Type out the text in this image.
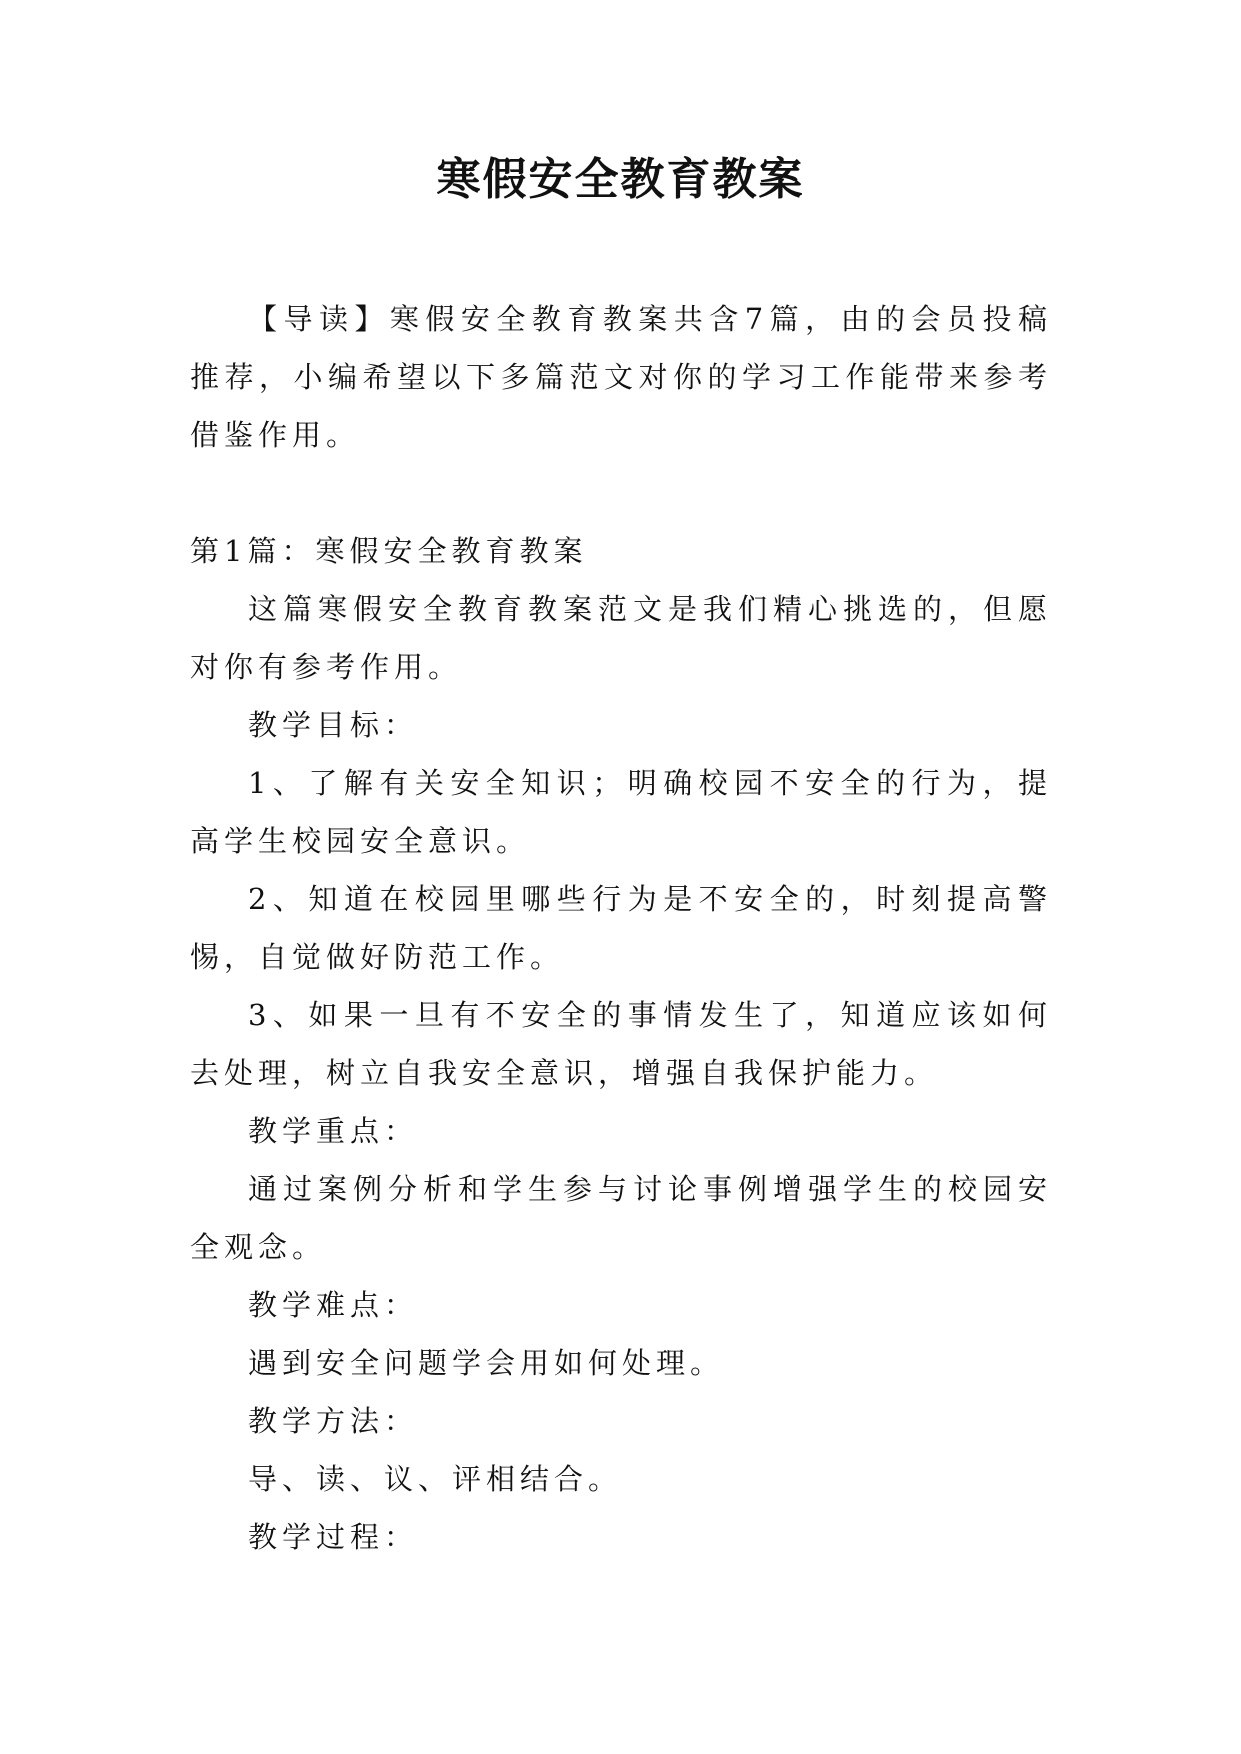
寒假安全教育教案

【导读】寒假安全教育教案共含7篇，由的会员投稿推荐，小编希望以下多篇范文对你的学习工作能带来参考借鉴作用。

第1篇：寒假安全教育教案

这篇寒假安全教育教案范文是我们精心挑选的，但愿对你有参考作用。

教学目标：

1、了解有关安全知识；明确校园不安全的行为，提高学生校园安全意识。

2、知道在校园里哪些行为是不安全的，时刻提高警惕，自觉做好防范工作。

3、如果一旦有不安全的事情发生了，知道应该如何去处理，树立自我安全意识，增强自我保护能力。

教学重点：

通过案例分析和学生参与讨论事例增强学生的校园安全观念。

教学难点：

遇到安全问题学会用如何处理。

教学方法：

导、读、议、评相结合。

教学过程：
